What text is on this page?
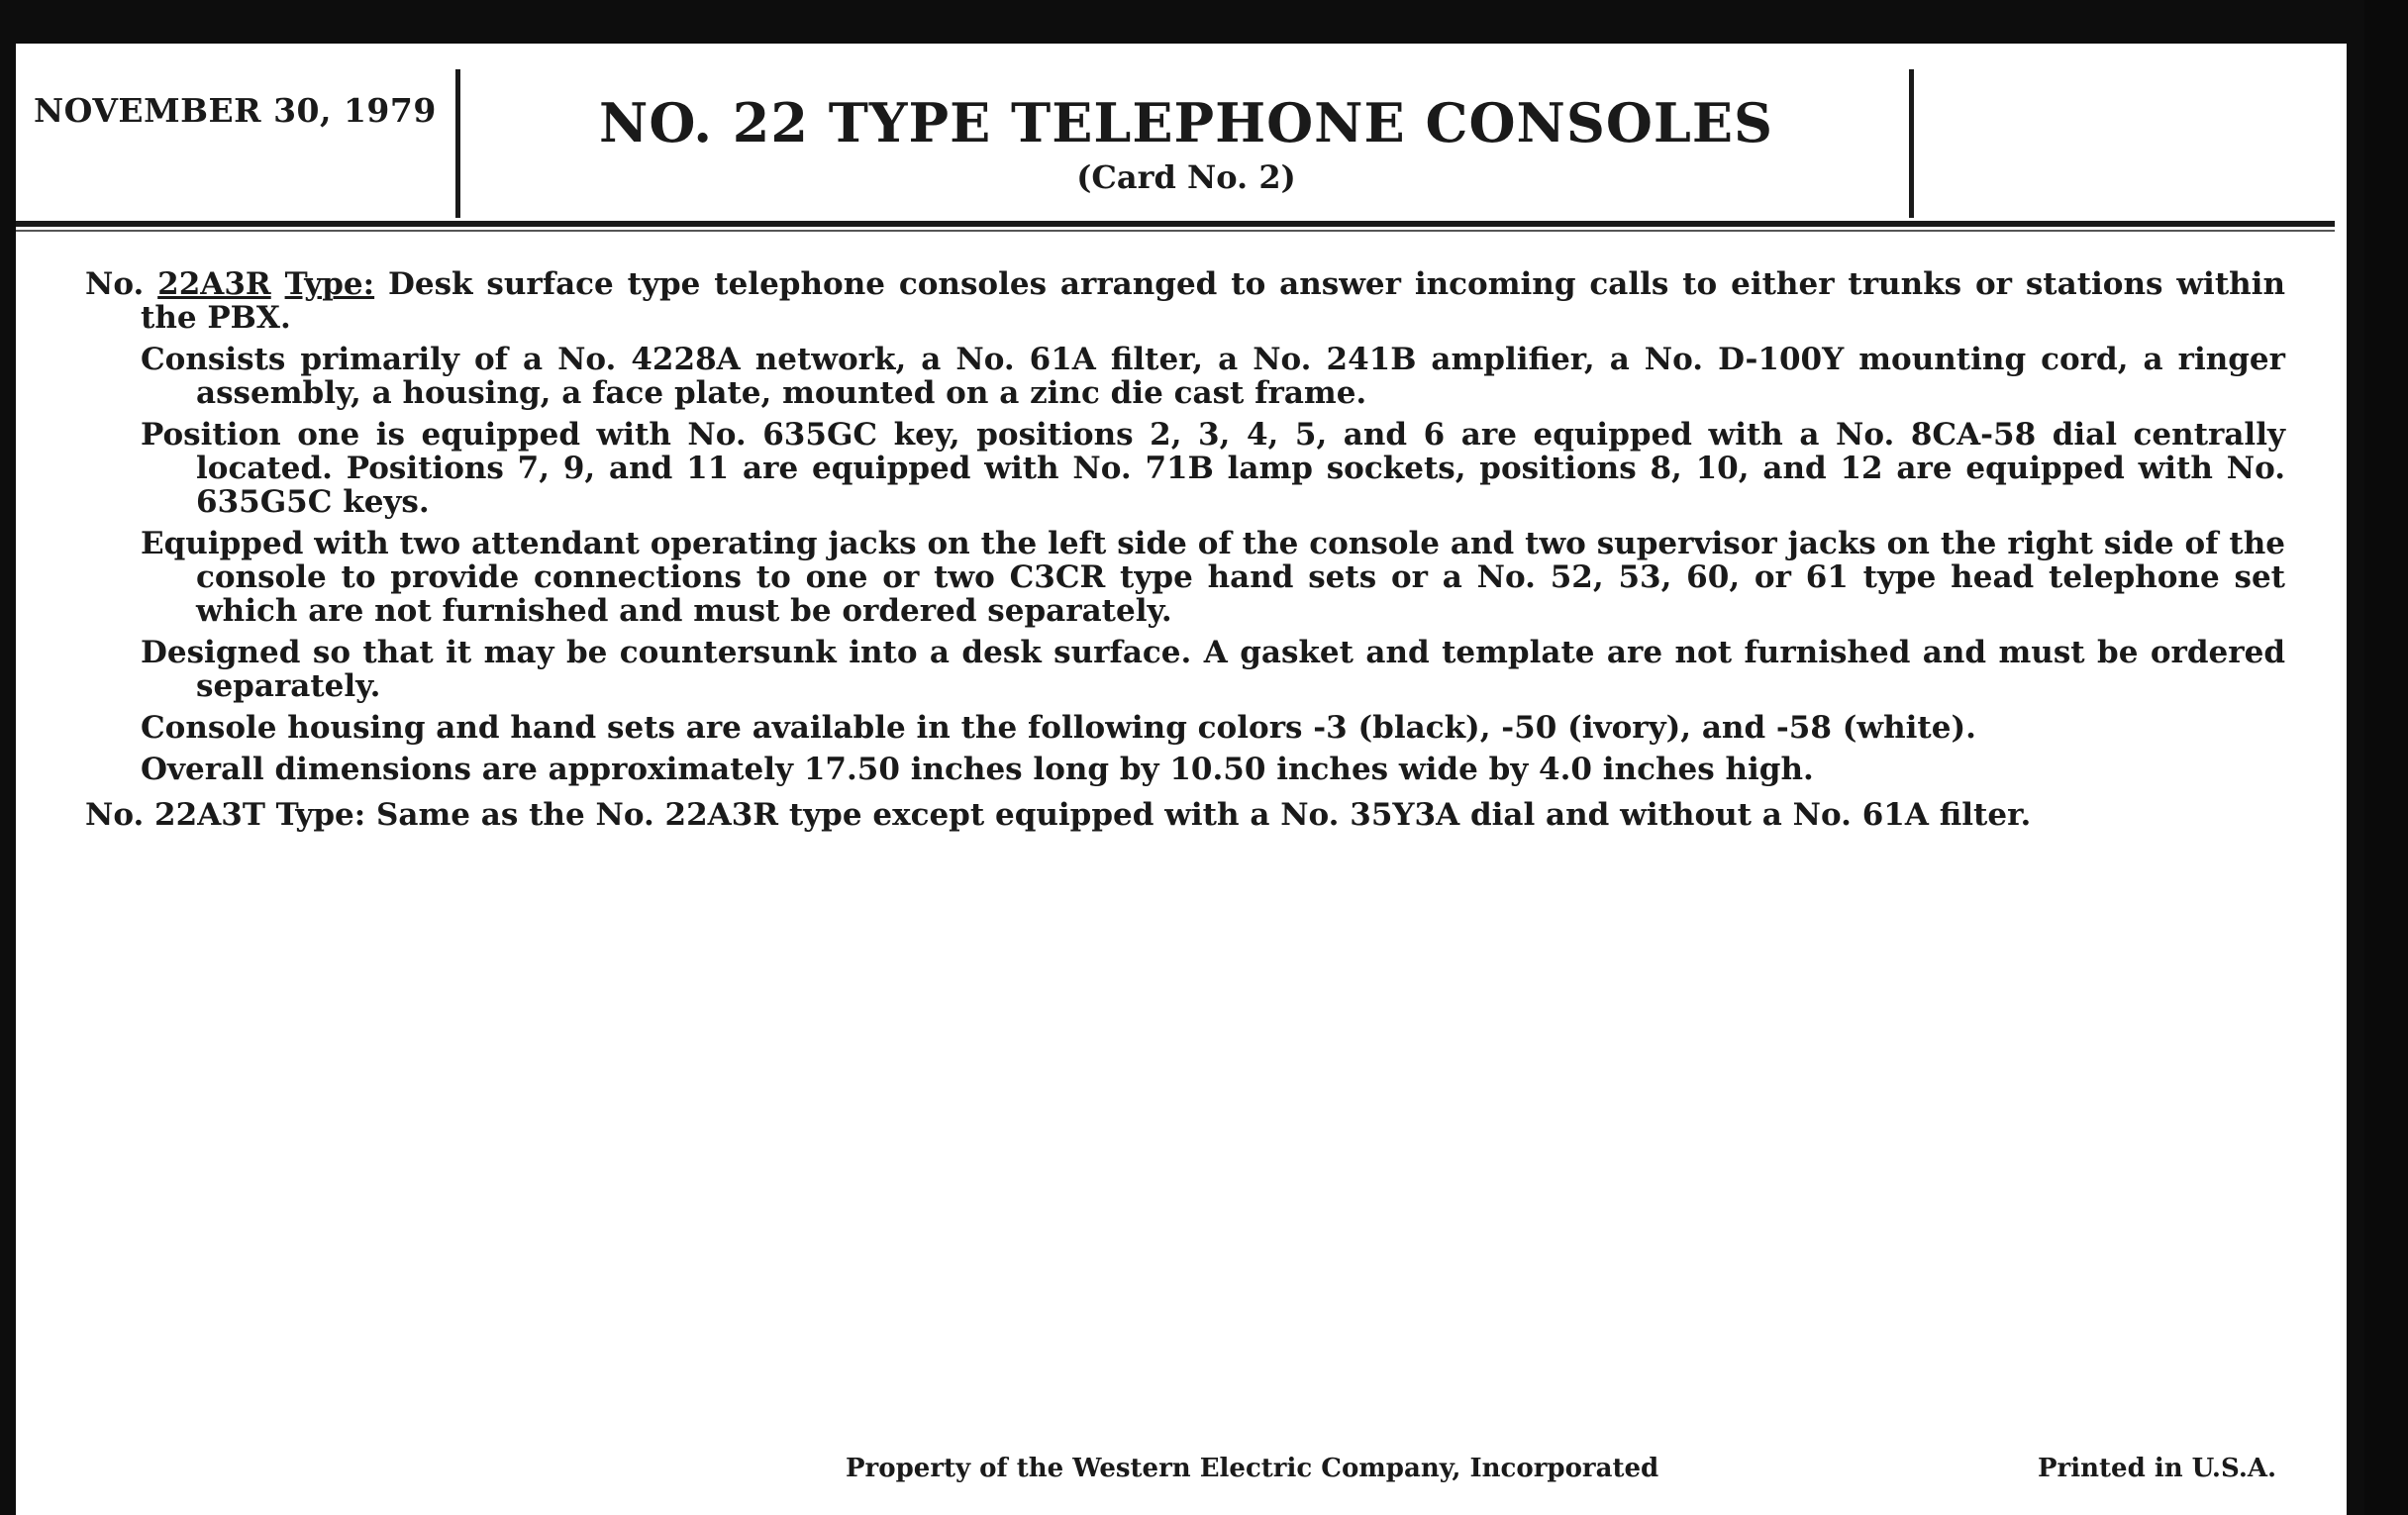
NOVEMBER 30, 1979	NO. 22 TYPE TELEPHONE CONSOLES
(Card No. 2)
No. 22A3R Type: Desk surface type telephone consoles arranged to answer incoming calls to either trunks or stations within the PBX.
Consists primarily of a No. 4228A network, a No. 61A filter, a No. 241B amplifier, a No. D-100Y mounting cord, a ringer assembly, a housing, a face plate, mounted on a zinc die cast frame.
Position one is equipped with No. 635GC key, positions 2, 3, 4, 5, and 6 are equipped with a No. 8CA-58 dial centrally located. Positions 7, 9, and 11 are equipped with No. 71B lamp sockets, positions 8, 10, and 12 are equipped with No. 635G5C keys.
Equipped with two attendant operating jacks on the left side of the console and two supervisor jacks on the right side of the console to provide connections to one or two C3CR type hand sets or a No. 52, 53, 60, or 61 type head telephone set which are not furnished and must be ordered separately.
Designed so that it may be countersunk into a desk surface. A gasket and template are not furnished and must be ordered separately.
Console housing and hand sets are available in the following colors -3 (black), -50 (ivory), and -58 (white).
Overall dimensions are approximately 17.50 inches long by 10.50 inches wide by 4.0 inches high.
No. 22A3T Type: Same as the No. 22A3R type except equipped with a No. 35Y3A dial and without a No. 61A filter.
Property of the Western Electric Company, Incorporated	Printed in U.S.A.
